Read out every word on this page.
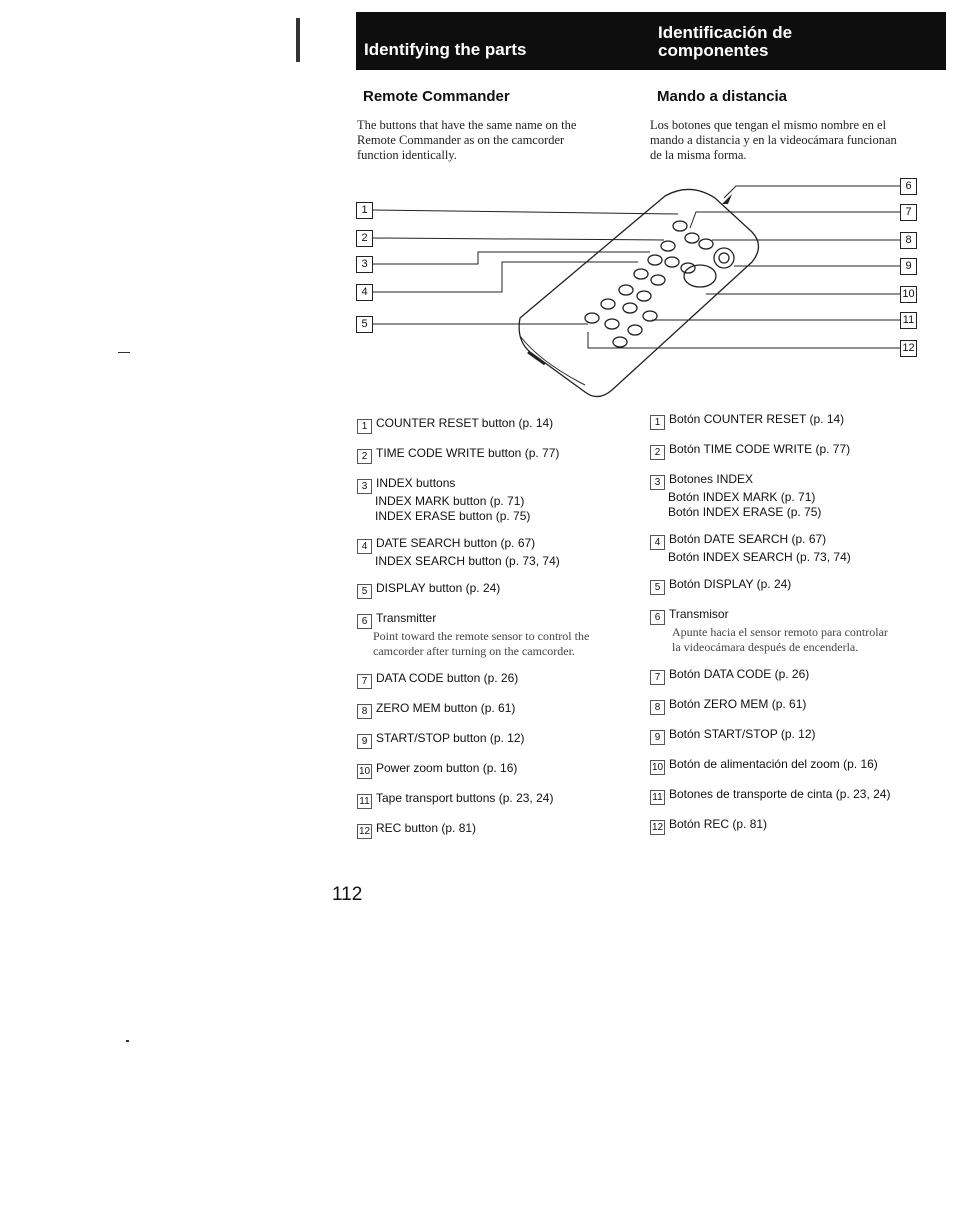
Identifying the parts
Identificación de
componentes
Remote Commander	Mando a distancia
The buttons that have the same name on the
Remote Commander as on the camcorder
function identically.
Los botones que tengan el mismo nombre en el
mando a distancia y en la videocámara funcionan
de la misma forma.
1
2
3
4
5
6
7
8
9
10
11
12
1 COUNTER RESET button (p. 14)
2 TIME CODE WRITE button (p. 77)
3 INDEX buttons
INDEX MARK button (p. 71)
INDEX ERASE button (p. 75)
4 DATE SEARCH button (p. 67)
INDEX SEARCH button (p. 73, 74)
5 DISPLAY button (p. 24)
6 Transmitter
Point toward the remote sensor to control the
camcorder after turning on the camcorder.
7 DATA CODE button (p. 26)
8 ZERO MEM button (p. 61)
9 START/STOP button (p. 12)
10 Power zoom button (p. 16)
11 Tape transport buttons (p. 23, 24)
12 REC button (p. 81)
1 Botón COUNTER RESET (p. 14)
2 Botón TIME CODE WRITE (p. 77)
3 Botones INDEX
Botón INDEX MARK (p. 71)
Botón INDEX ERASE (p. 75)
4 Botón DATE SEARCH (p. 67)
Botón INDEX SEARCH (p. 73, 74)
5 Botón DISPLAY (p. 24)
6 Transmisor
Apunte hacia el sensor remoto para controlar
la videocámara después de encenderla.
7 Botón DATA CODE (p. 26)
8 Botón ZERO MEM (p. 61)
9 Botón START/STOP (p. 12)
10 Botón de alimentación del zoom (p. 16)
11 Botones de transporte de cinta (p. 23, 24)
12 Botón REC (p. 81)
112
